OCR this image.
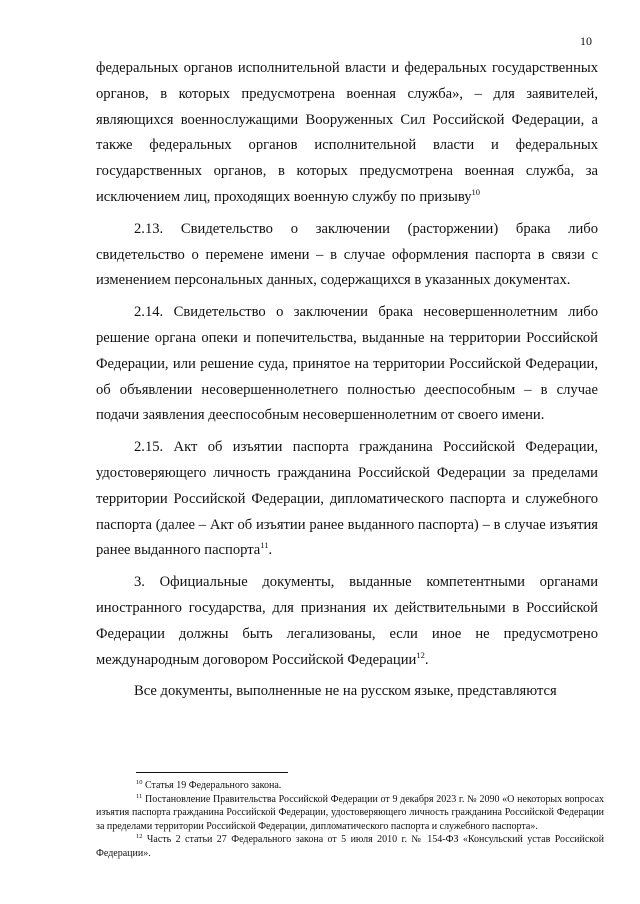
10

федеральных органов исполнительной власти и федеральных государственных органов, в которых предусмотрена военная служба», – для заявителей, являющихся военнослужащими Вооруженных Сил Российской Федерации, а также федеральных органов исполнительной власти и федеральных государственных органов, в которых предусмотрена военная служба, за исключением лиц, проходящих военную службу по призыву$^{10}$

2.13. Свидетельство о заключении (расторжении) брака либо свидетельство о перемене имени – в случае оформления паспорта в связи с изменением персональных данных, содержащихся в указанных документах.

2.14. Свидетельство о заключении брака несовершеннолетним либо решение органа опеки и попечительства, выданные на территории Российской Федерации, или решение суда, принятое на территории Российской Федерации, об объявлении несовершеннолетнего полностью дееспособным – в случае подачи заявления дееспособным несовершеннолетним от своего имени.

2.15. Акт об изъятии паспорта гражданина Российской Федерации, удостоверяющего личность гражданина Российской Федерации за пределами территории Российской Федерации, дипломатического паспорта и служебного паспорта (далее – Акт об изъятии ранее выданного паспорта) – в случае изъятия ранее выданного паспорта$^{11}$.

3. Официальные документы, выданные компетентными органами иностранного государства, для признания их действительными в Российской Федерации должны быть легализованы, если иное не предусмотрено международным договором Российской Федерации$^{12}$.

Все документы, выполненные не на русском языке, представляются

$^{10}$ Статья 19 Федерального закона.

$^{11}$ Постановление Правительства Российской Федерации от 9 декабря 2023 г. № 2090 «О некоторых вопросах изъятия паспорта гражданина Российской Федерации, удостоверяющего личность гражданина Российской Федерации за пределами территории Российской Федерации, дипломатического паспорта и служебного паспорта».

$^{12}$ Часть 2 статьи 27 Федерального закона от 5 июля 2010 г. № 154-ФЗ «Консульский устав Российской Федерации».
